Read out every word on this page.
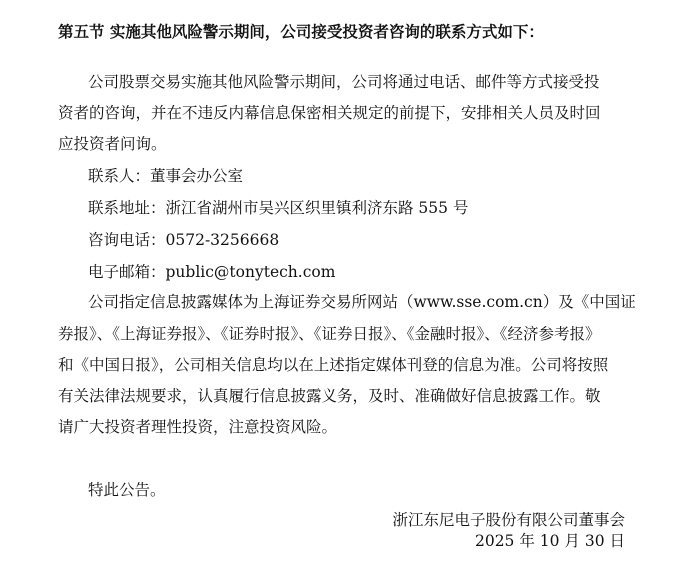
第五节 实施其他风险警示期间，公司接受投资者咨询的联系方式如下：
公司股票交易实施其他风险警示期间，公司将通过电话、邮件等方式接受投
资者的咨询，并在不违反内幕信息保密相关规定的前提下，安排相关人员及时回
应投资者问询。
联系人：董事会办公室
联系地址：浙江省湖州市吴兴区织里镇利济东路 555 号
咨询电话：0572-3256668
电子邮箱：public@tonytech.com
公司指定信息披露媒体为上海证券交易所网站（www.sse.com.cn）及《中国证
券报》、《上海证券报》、《证券时报》、《证券日报》、《金融时报》、《经济参考报》
和《中国日报》，公司相关信息均以在上述指定媒体刊登的信息为准。公司将按照
有关法律法规要求，认真履行信息披露义务，及时、准确做好信息披露工作。敬
请广大投资者理性投资，注意投资风险。
特此公告。
浙江东尼电子股份有限公司董事会
2025 年 10 月 30 日
